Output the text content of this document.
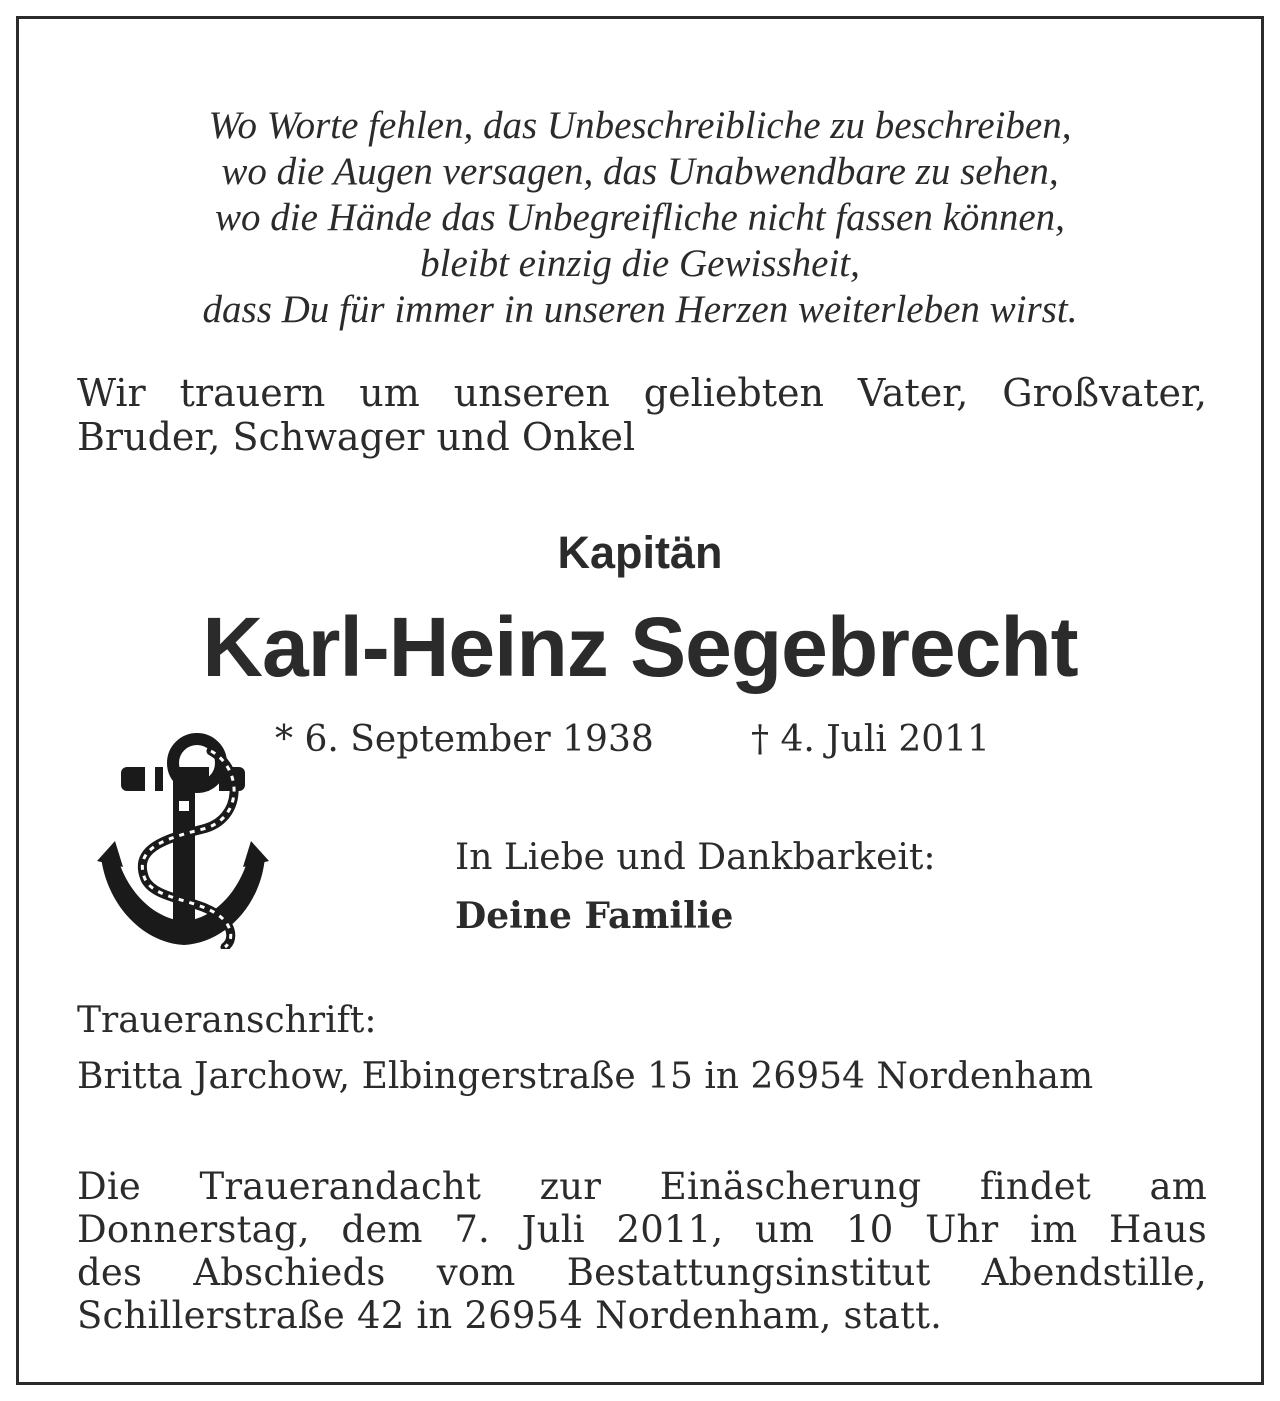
Wo Worte fehlen, das Unbeschreibliche zu beschreiben,
wo die Augen versagen, das Unabwendbare zu sehen,
wo die Hände das Unbegreifliche nicht fassen können,
bleibt einzig die Gewissheit,
dass Du für immer in unseren Herzen weiterleben wirst.

Wir trauern um unseren geliebten Vater, Großvater,
Bruder, Schwager und Onkel

Kapitän
Karl-Heinz Segebrecht
* 6. September 1938	† 4. Juli 2011
In Liebe und Dankbarkeit:
Deine Familie
Traueranschrift:
Britta Jarchow, Elbingerstraße 15 in 26954 Nordenham

Die Trauerandacht zur Einäscherung findet am
Donnerstag, dem 7. Juli 2011, um 10 Uhr im Haus
des Abschieds vom Bestattungsinstitut Abendstille,
Schillerstraße 42 in 26954 Nordenham, statt.
